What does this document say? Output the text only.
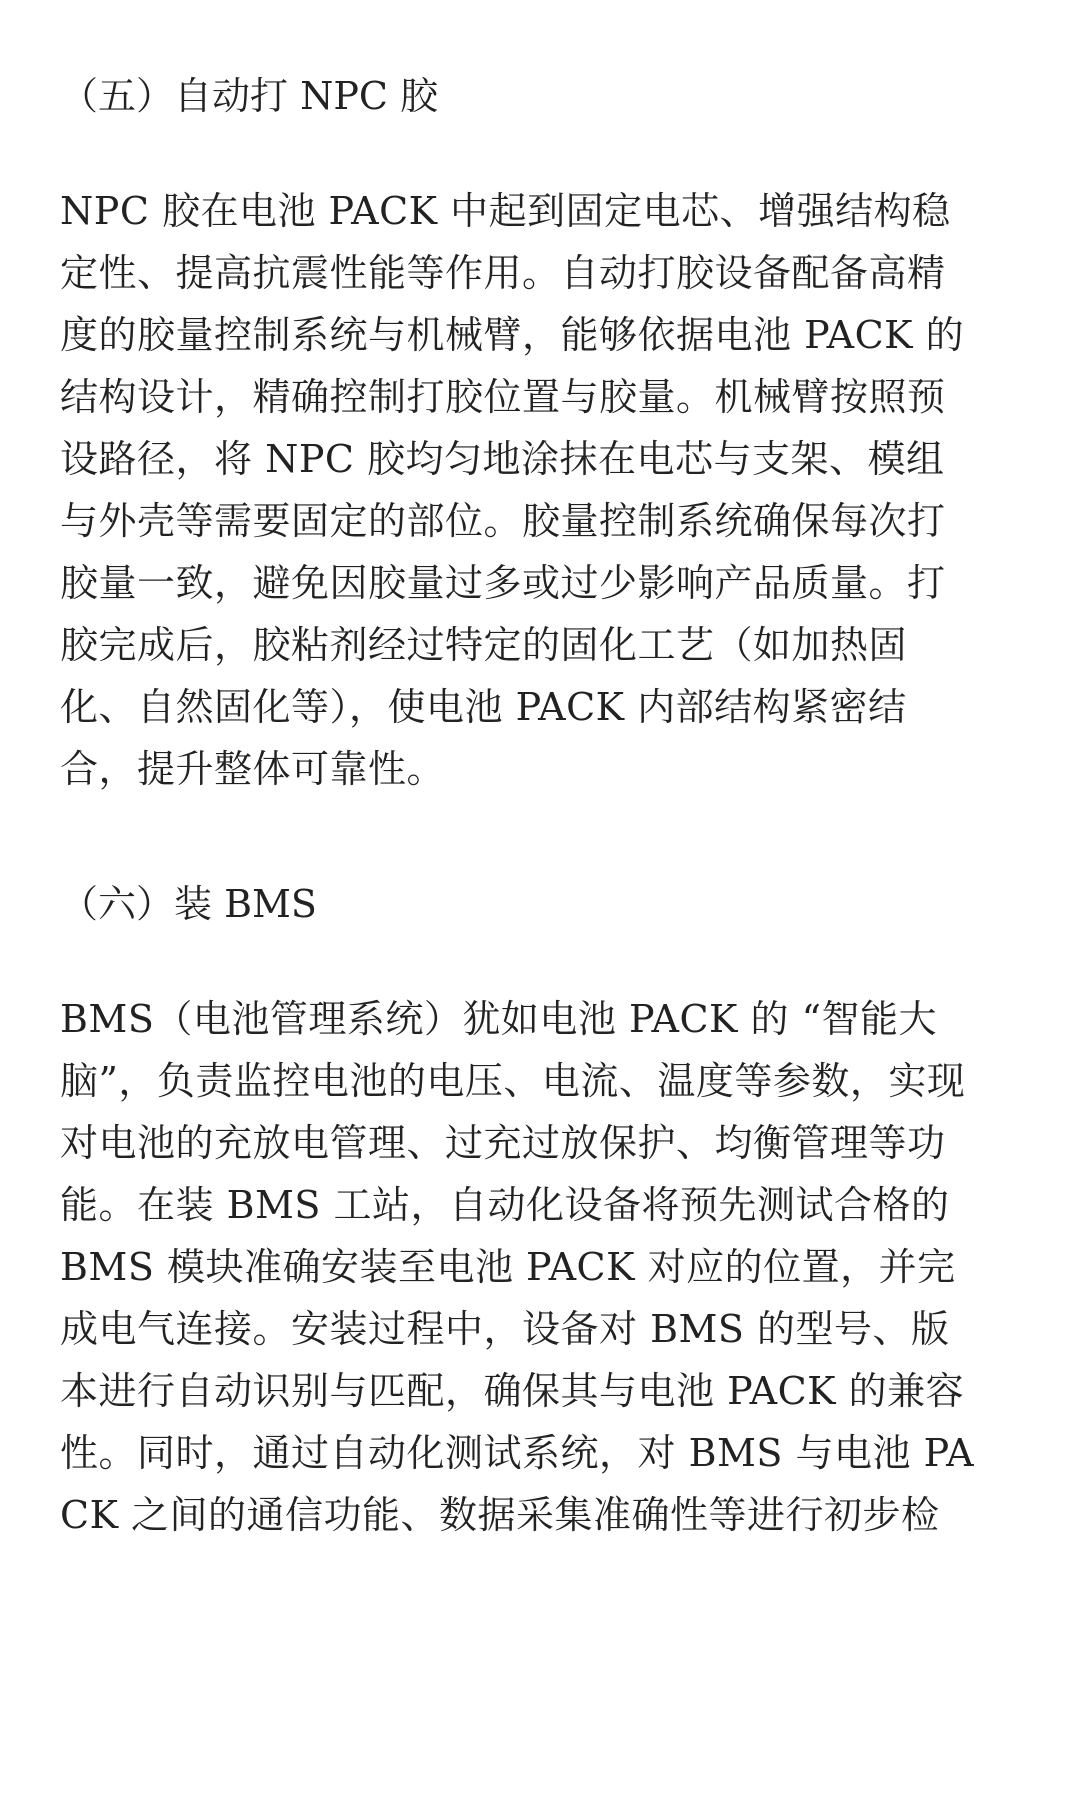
（五）自动打 NPC 胶
NPC 胶在电池 PACK 中起到固定电芯、增强结构稳
定性、提高抗震性能等作用。自动打胶设备配备高精
度的胶量控制系统与机械臂，能够依据电池 PACK 的
结构设计，精确控制打胶位置与胶量。机械臂按照预
设路径，将 NPC 胶均匀地涂抹在电芯与支架、模组
与外壳等需要固定的部位。胶量控制系统确保每次打
胶量一致，避免因胶量过多或过少影响产品质量。打
胶完成后，胶粘剂经过特定的固化工艺（如加热固
化、自然固化等），使电池 PACK 内部结构紧密结
合，提升整体可靠性。
（六）装 BMS
BMS（电池管理系统）犹如电池 PACK 的 “智能大
脑”，负责监控电池的电压、电流、温度等参数，实现
对电池的充放电管理、过充过放保护、均衡管理等功
能。在装 BMS 工站，自动化设备将预先测试合格的
BMS 模块准确安装至电池 PACK 对应的位置，并完
成电气连接。安装过程中，设备对 BMS 的型号、版
本进行自动识别与匹配，确保其与电池 PACK 的兼容
性。同时，通过自动化测试系统，对 BMS 与电池 PA
CK 之间的通信功能、数据采集准确性等进行初步检
